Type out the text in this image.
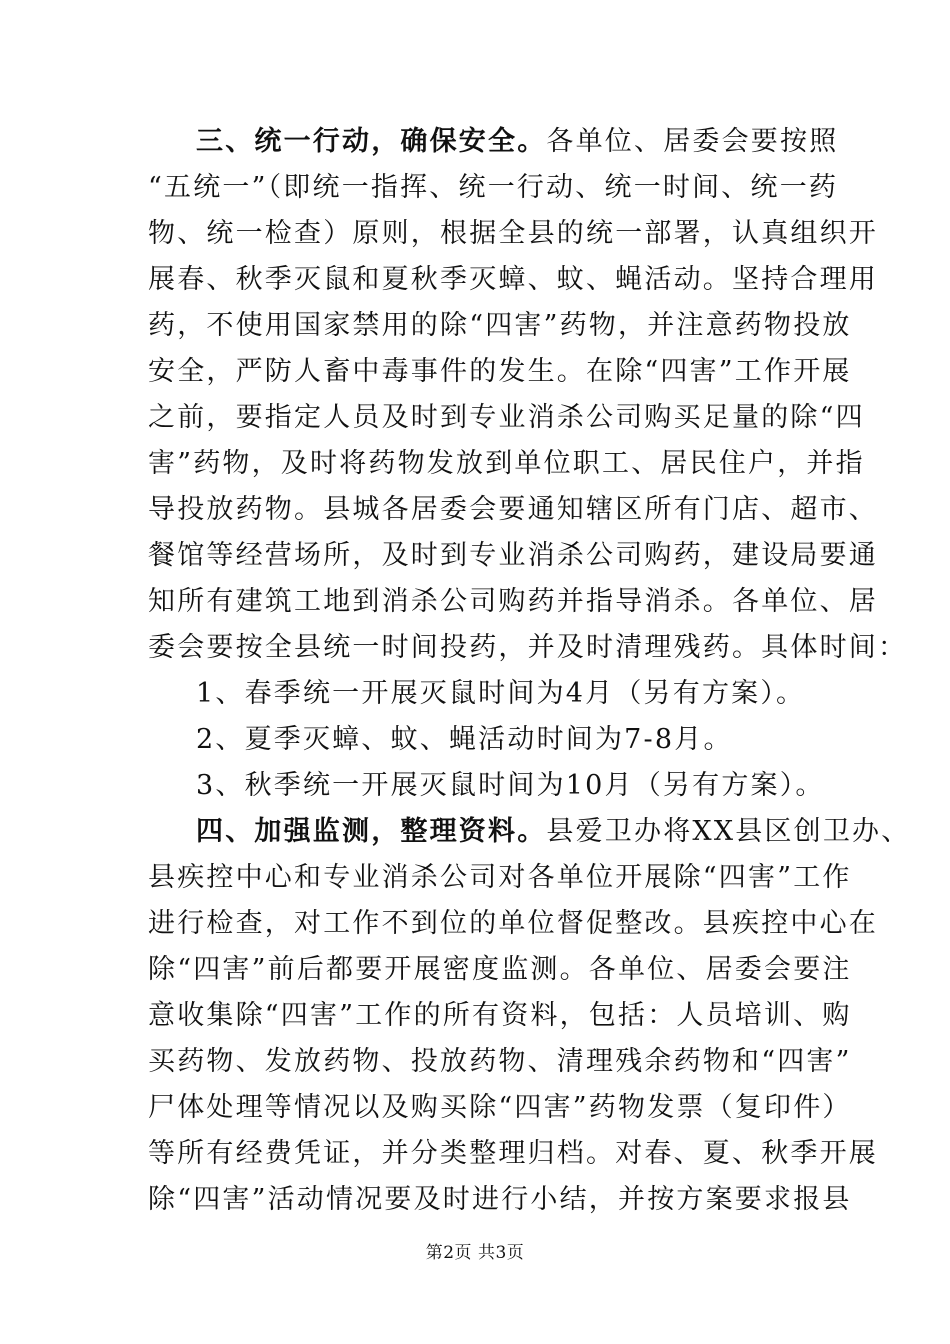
三、统一行动，确保安全。各单位、居委会要按照
“五统一”（即统一指挥、统一行动、统一时间、统一药
物、统一检查）原则，根据全县的统一部署，认真组织开
展春、秋季灭鼠和夏秋季灭蟑、蚊、蝇活动。坚持合理用
药，不使用国家禁用的除“四害”药物，并注意药物投放
安全，严防人畜中毒事件的发生。在除“四害”工作开展
之前，要指定人员及时到专业消杀公司购买足量的除“四
害”药物，及时将药物发放到单位职工、居民住户，并指
导投放药物。县城各居委会要通知辖区所有门店、超市、
餐馆等经营场所，及时到专业消杀公司购药，建设局要通
知所有建筑工地到消杀公司购药并指导消杀。各单位、居
委会要按全县统一时间投药，并及时清理残药。具体时间：
1、春季统一开展灭鼠时间为4月（另有方案）。
2、夏季灭蟑、蚊、蝇活动时间为7-8月。
3、秋季统一开展灭鼠时间为10月（另有方案）。
四、加强监测，整理资料。县爱卫办将XX县区创卫办、
县疾控中心和专业消杀公司对各单位开展除“四害”工作
进行检查，对工作不到位的单位督促整改。县疾控中心在
除“四害”前后都要开展密度监测。各单位、居委会要注
意收集除“四害”工作的所有资料，包括：人员培训、购
买药物、发放药物、投放药物、清理残余药物和“四害”
尸体处理等情况以及购买除“四害”药物发票（复印件）
等所有经费凭证，并分类整理归档。对春、夏、秋季开展
除“四害”活动情况要及时进行小结，并按方案要求报县
第2页 共3页
